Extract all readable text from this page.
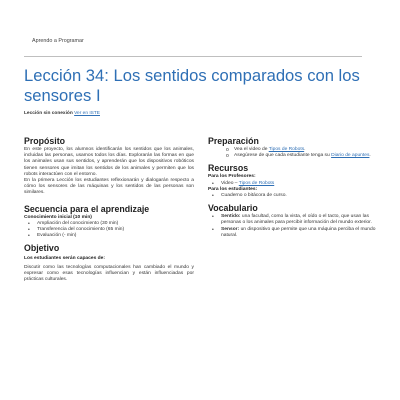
Aprendo a Programar
Lección 34: Los sentidos comparados con los sensores I
Lección sin conexión Ver en ISTE
Propósito

En este proyecto, los alumnos identificarán los sentidos que los animales, incluidas las personas, usamos todos los días. Explorarán las formas en que los animales usan sus sentidos, y aprenderán que los dispositivos robóticos tienen sensores que imitan los sentidos de los animales y permiten que los robots interactúen con el entorno.

En la primera Lección los estudiantes reflexionarán y dialogarán respecto a cómo los sensores de las máquinas y los sentidos de las personas son similares.

Secuencia para el aprendizaje
Conocimiento inicial (10 min)
• Ampliación del conocimiento (30 min)
• Transferencia del conocimiento (65 min)
• Evaluación (- min)
Objetivo
Los estudiantes serán capaces de:

Discutir como las tecnologías computacionales han cambiado el mundo y expresar como esas tecnologías influencian y están influenciadas por prácticas culturales.

Preparación
o Vea el video de Tipos de Robots.
o Asegúrese de que cada estudiante tenga su Diario de apuntes.
Recursos
Para los Profesores:
• Video – Tipos de Robots
Para los estudiantes:
• Cuaderno o bitácora de curso.
Vocabulario
• Sentido: una facultad, como la vista, el oído o el tacto, que usan las personas o los animales para percibir información del mundo exterior.
• Sensor: un dispositivo que permite que una máquina perciba el mundo natural.
